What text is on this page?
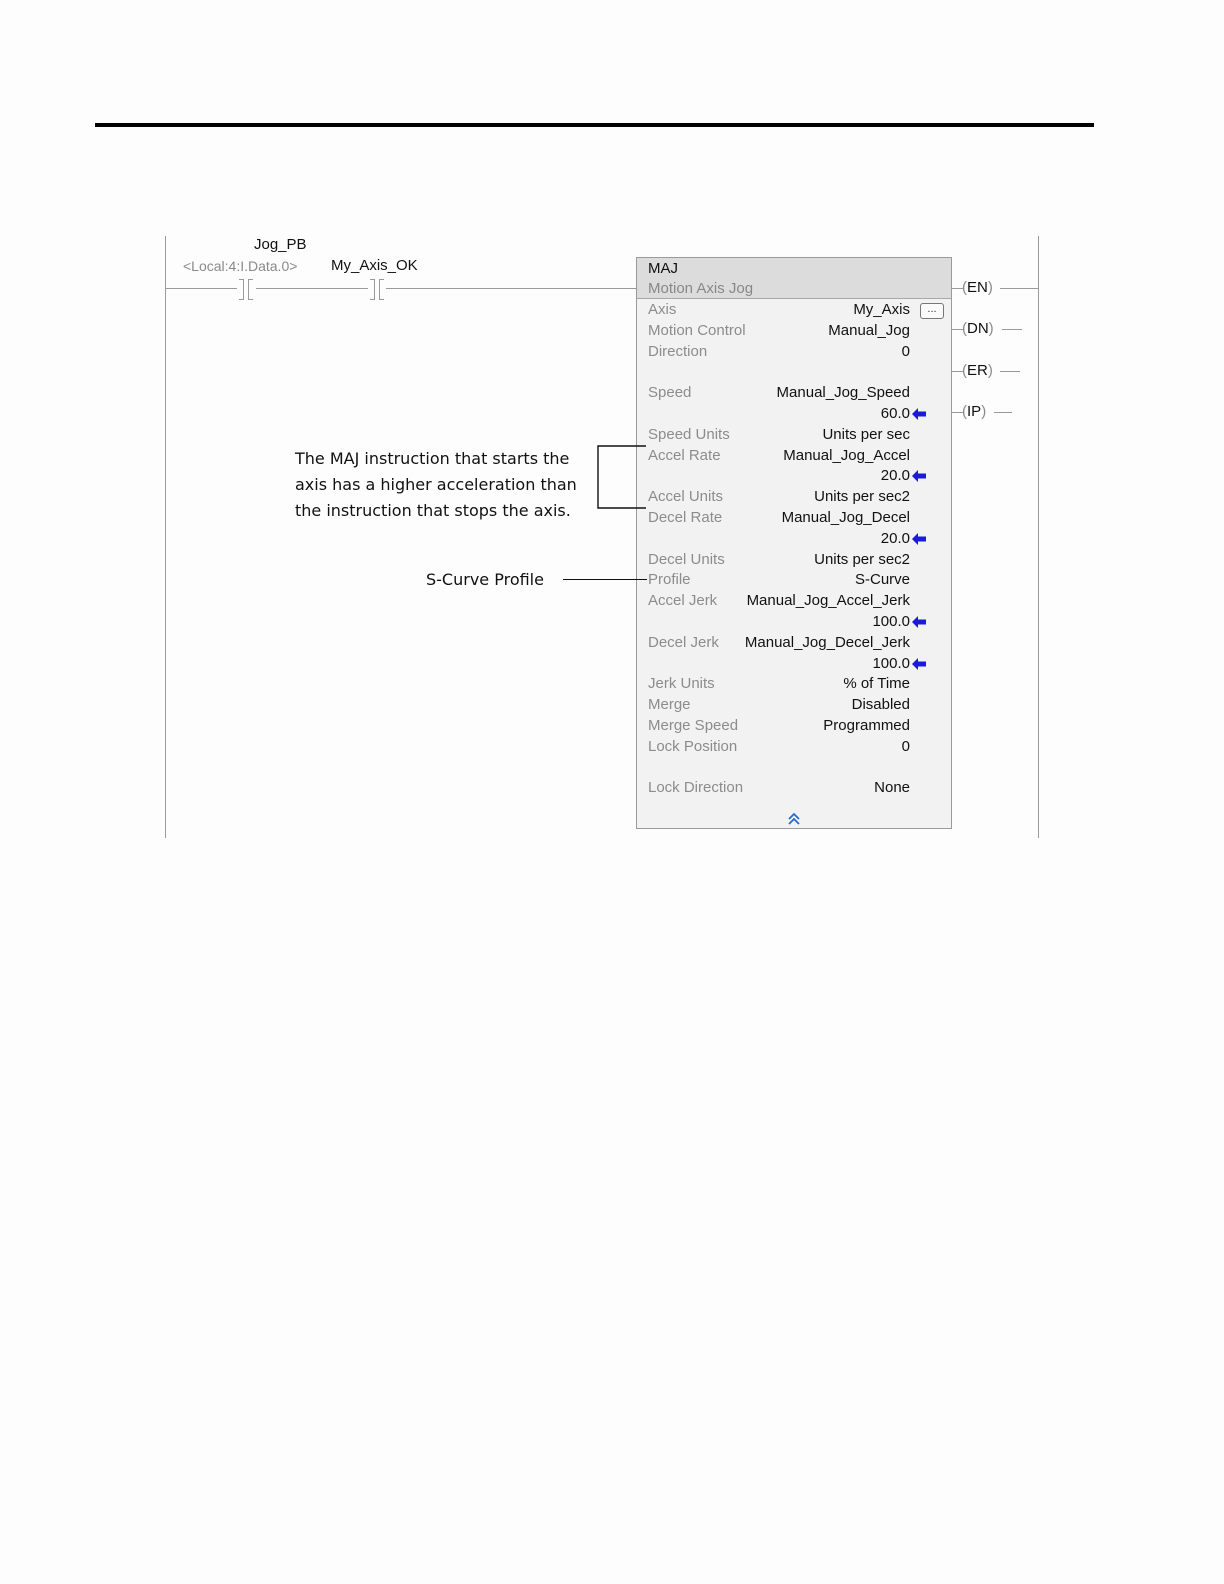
Jog_PB
<Local:4:I.Data.0> My_Axis_OK	MAJ
Motion Axis Jog
Axis	My_Axis	...
Motion Control	Manual_Jog
Direction	0
Speed	Manual_Jog_Speed
60.0
Speed Units	Units per sec
Accel Rate	Manual_Jog_Accel
20.0
Accel Units	Units per sec2
Decel Rate	Manual_Jog_Decel
20.0
Decel Units	Units per sec2
Profile	S-Curve
Accel Jerk Manual_Jog_Accel_Jerk
100.0
Decel Jerk Manual_Jog_Decel_Jerk
100.0
Jerk Units	% of Time
Merge	Disabled
Merge Speed	Programmed
Lock Position	0
Lock Direction	None
(EN)
(DN)
(ER)
(IP)
The MAJ instruction that starts the
axis has a higher acceleration than
the instruction that stops the axis.
S-Curve Profile
